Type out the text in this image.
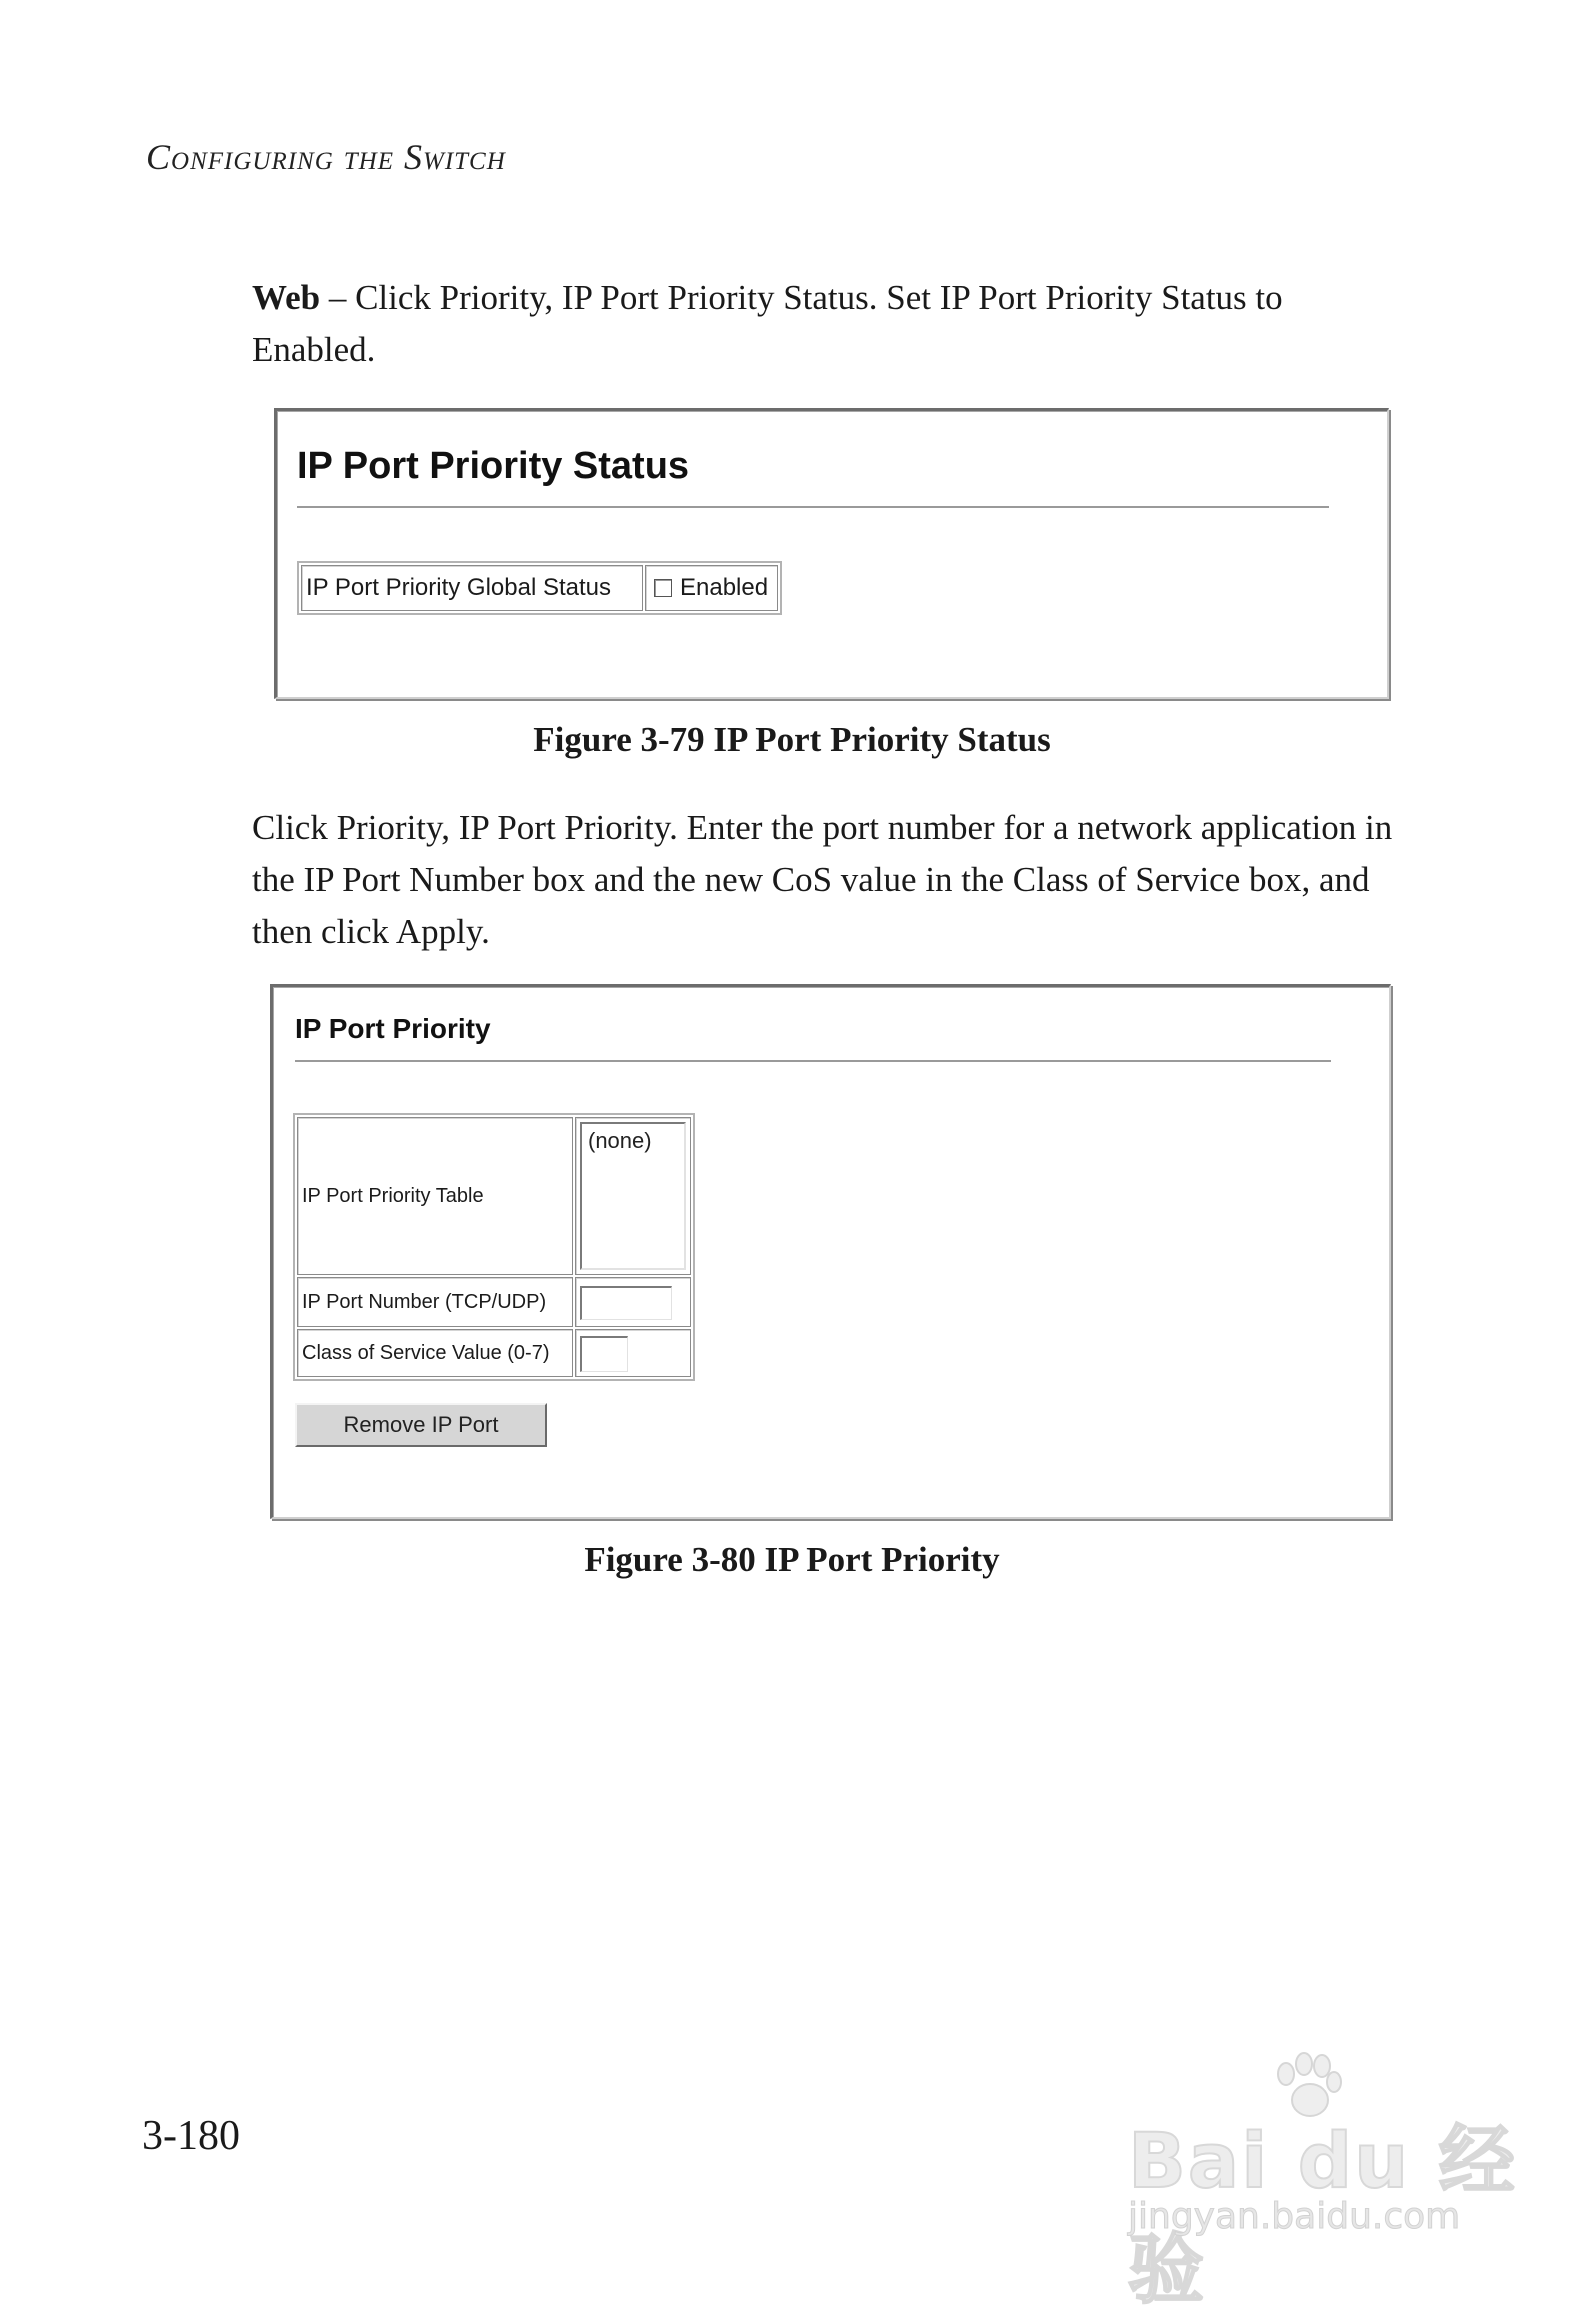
Configuring the Switch
Web – Click Priority, IP Port Priority Status. Set IP Port Priority Status to Enabled.
IP Port Priority Status
IP Port Priority Global Status	Enabled
Figure 3-79 IP Port Priority Status
Click Priority, IP Port Priority. Enter the port number for a network application in the IP Port Number box and the new CoS value in the Class of Service box, and then click Apply.
IP Port Priority
IP Port Priority Table
(none)
IP Port Number (TCP/UDP)
Class of Service Value (0-7)
Remove IP Port
Figure 3-80 IP Port Priority
3-180	Bai du 经验
jingyan.baidu.com
